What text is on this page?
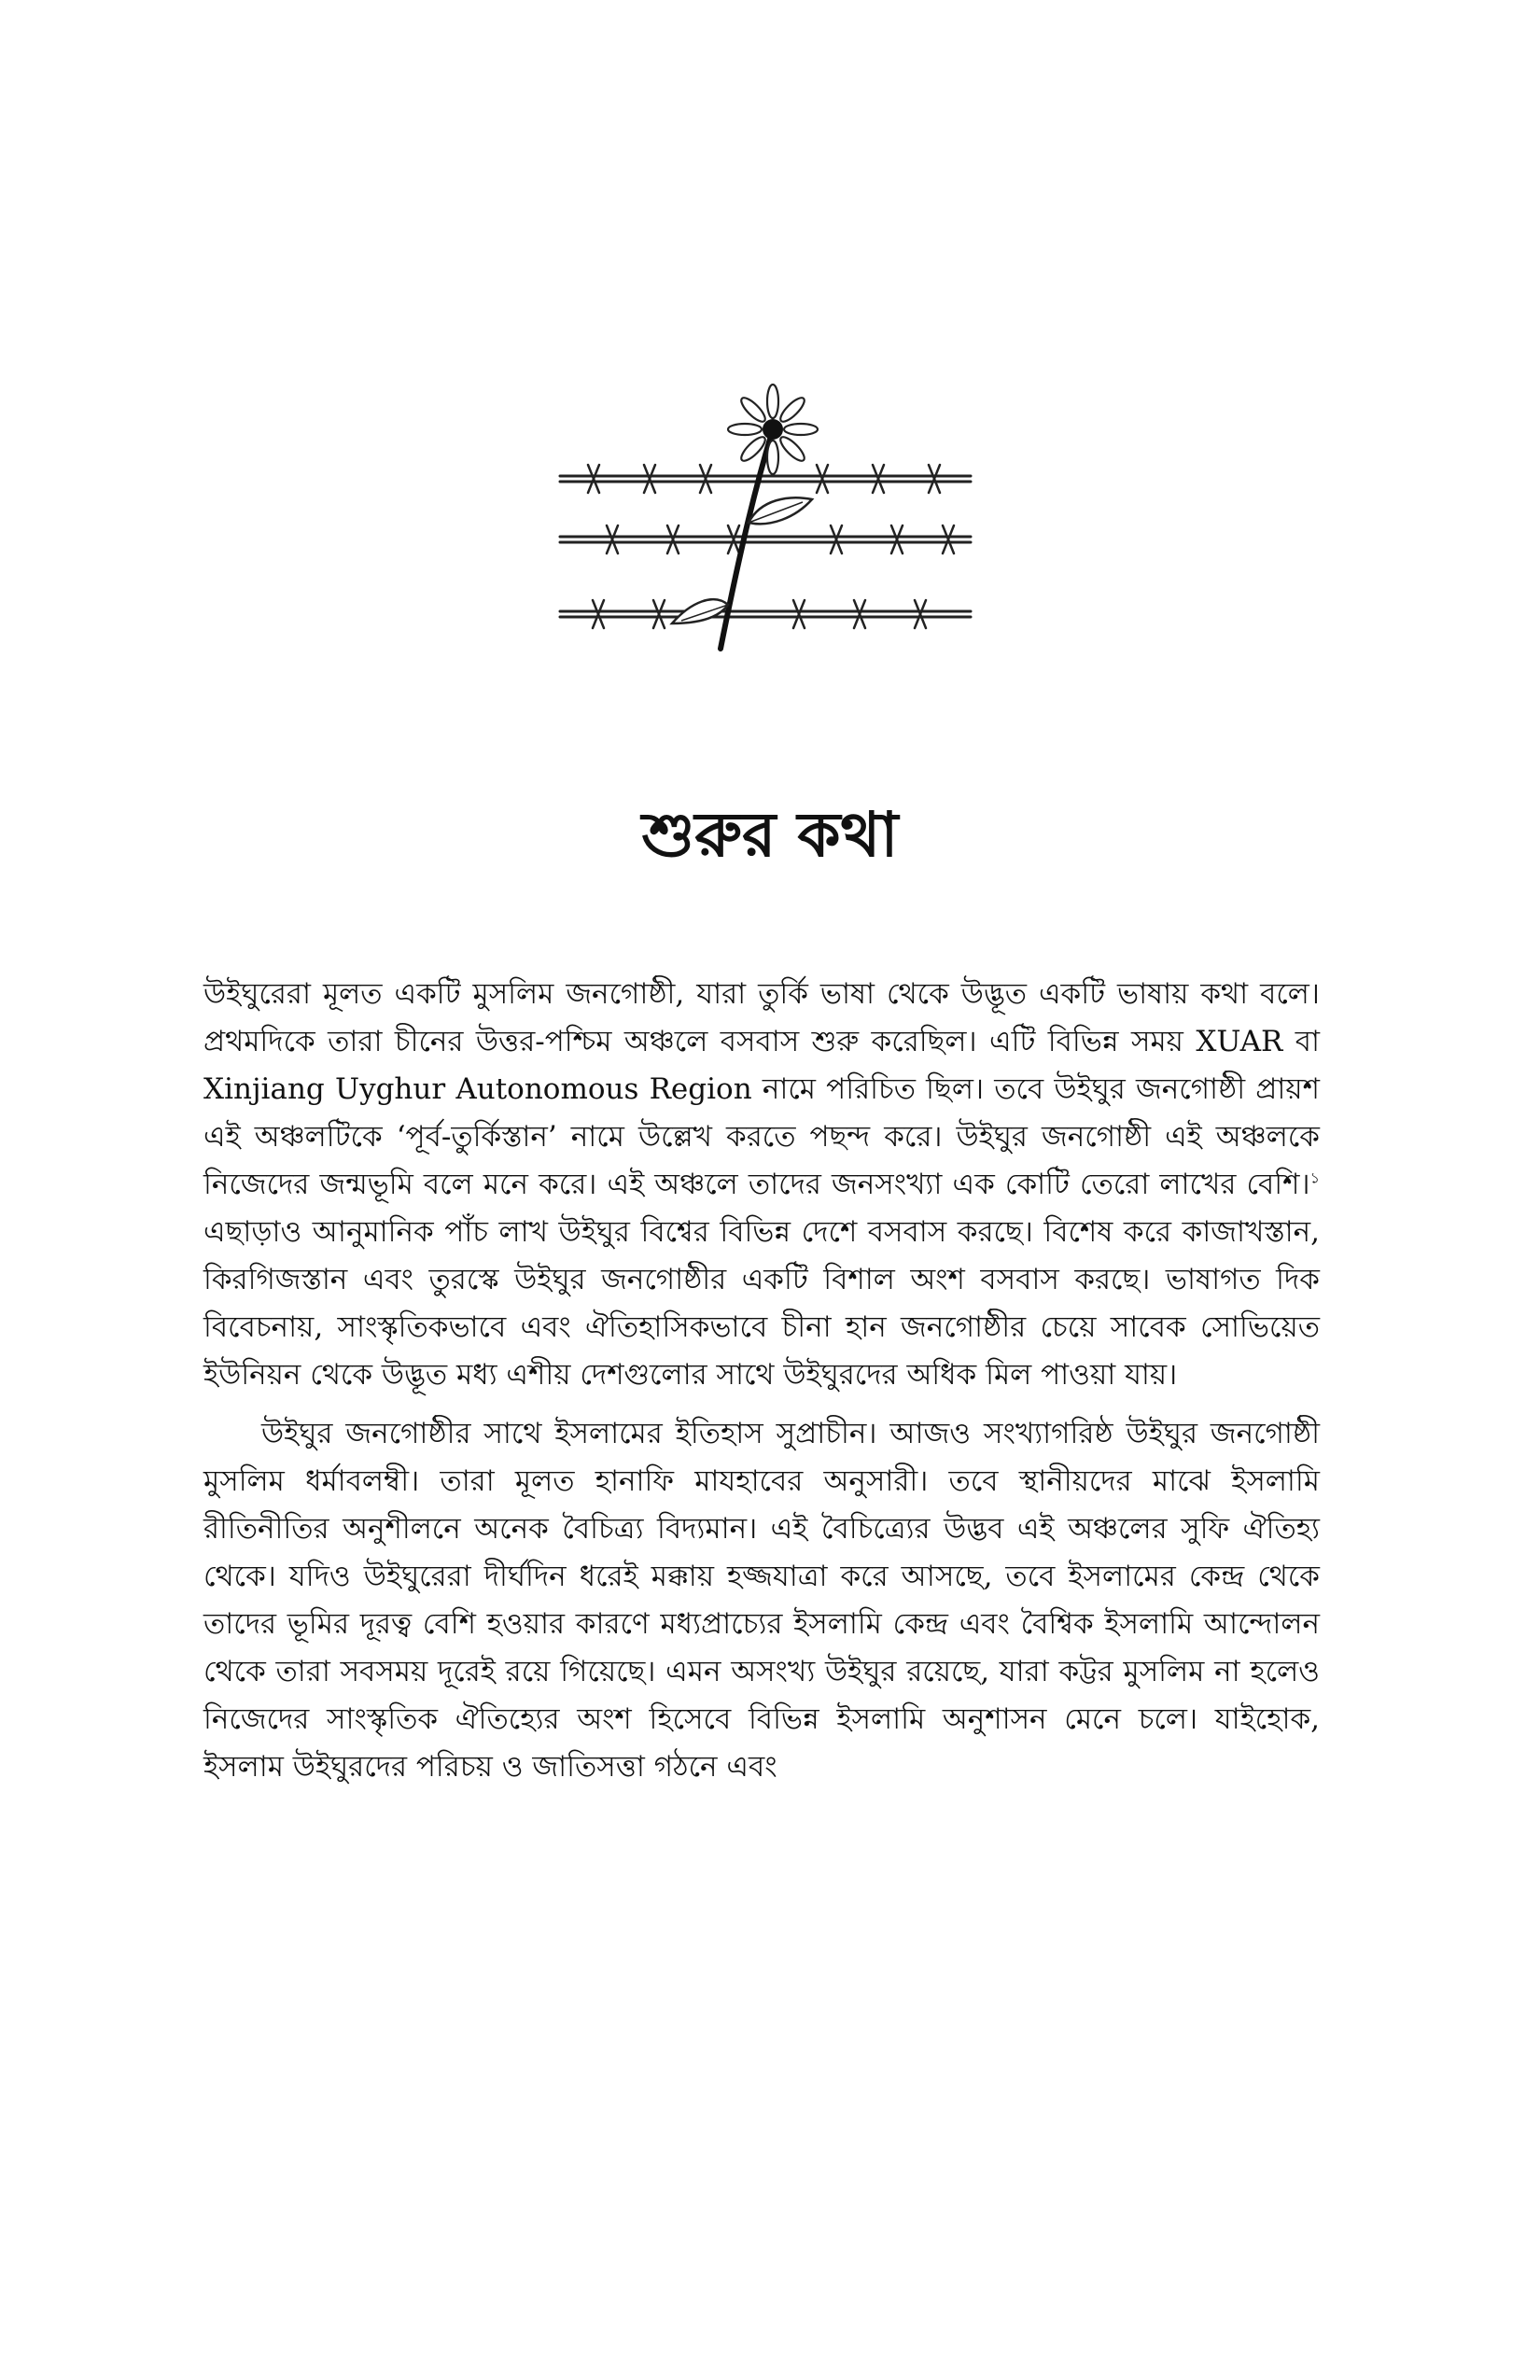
শুরুর কথা

উইঘুরেরা মূলত একটি মুসলিম জনগোষ্ঠী, যারা তুর্কি ভাষা থেকে উদ্ভূত একটি ভাষায় কথা বলে। প্রথমদিকে তারা চীনের উত্তর-পশ্চিম অঞ্চলে বসবাস শুরু করেছিল। এটি বিভিন্ন সময় XUAR বা Xinjiang Uyghur Autonomous Region নামে পরিচিত ছিল। তবে উইঘুর জনগোষ্ঠী প্রায়শ এই অঞ্চলটিকে ‘পূর্ব-তুর্কিস্তান’ নামে উল্লেখ করতে পছন্দ করে। উইঘুর জনগোষ্ঠী এই অঞ্চলকে নিজেদের জন্মভূমি বলে মনে করে। এই অঞ্চলে তাদের জনসংখ্যা এক কোটি তেরো লাখের বেশি।$^১$ এছাড়াও আনুমানিক পাঁচ লাখ উইঘুর বিশ্বের বিভিন্ন দেশে বসবাস করছে। বিশেষ করে কাজাখস্তান, কিরগিজস্তান এবং তুরস্কে উইঘুর জনগোষ্ঠীর একটি বিশাল অংশ বসবাস করছে। ভাষাগত দিক বিবেচনায়, সাংস্কৃতিকভাবে এবং ঐতিহাসিকভাবে চীনা হান জনগোষ্ঠীর চেয়ে সাবেক সোভিয়েত ইউনিয়ন থেকে উদ্ভূত মধ্য এশীয় দেশগুলোর সাথে উইঘুরদের অধিক মিল পাওয়া যায়।

উইঘুর জনগোষ্ঠীর সাথে ইসলামের ইতিহাস সুপ্রাচীন। আজও সংখ্যাগরিষ্ঠ উইঘুর জনগোষ্ঠী মুসলিম ধর্মাবলম্বী। তারা মূলত হানাফি মাযহাবের অনুসারী। তবে স্থানীয়দের মাঝে ইসলামি রীতিনীতির অনুশীলনে অনেক বৈচিত্র্য বিদ্যমান। এই বৈচিত্র্যের উদ্ভব এই অঞ্চলের সুফি ঐতিহ্য থেকে। যদিও উইঘুরেরা দীর্ঘদিন ধরেই মক্কায় হজ্জযাত্রা করে আসছে, তবে ইসলামের কেন্দ্র থেকে তাদের ভূমির দূরত্ব বেশি হওয়ার কারণে মধ্যপ্রাচ্যের ইসলামি কেন্দ্র এবং বৈশ্বিক ইসলামি আন্দোলন থেকে তারা সবসময় দূরেই রয়ে গিয়েছে। এমন অসংখ্য উইঘুর রয়েছে, যারা কট্টর মুসলিম না হলেও নিজেদের সাংস্কৃতিক ঐতিহ্যের অংশ হিসেবে বিভিন্ন ইসলামি অনুশাসন মেনে চলে। যাইহোক, ইসলাম উইঘুরদের পরিচয় ও জাতিসত্তা গঠনে এবং
